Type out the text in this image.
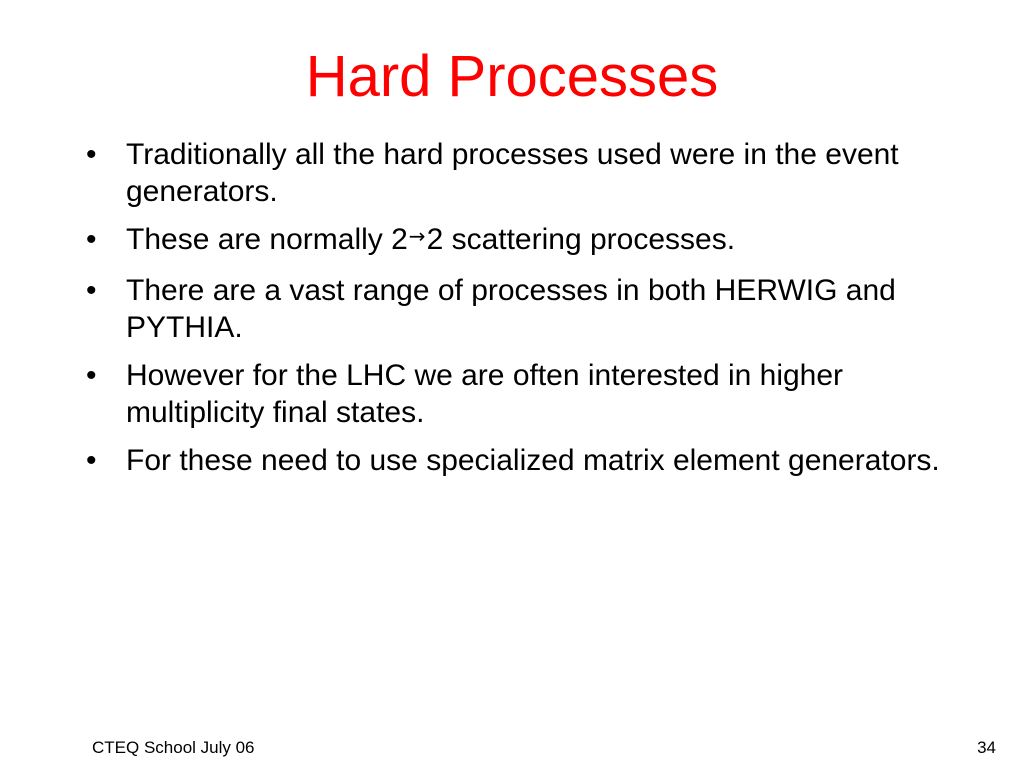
Hard Processes
• Traditionally all the hard processes used were in the event generators.
• These are normally 2→2 scattering processes.
• There are a vast range of processes in both HERWIG and PYTHIA.
• However for the LHC we are often interested in higher multiplicity final states.
• For these need to use specialized matrix element generators.
CTEQ School July 06	34
